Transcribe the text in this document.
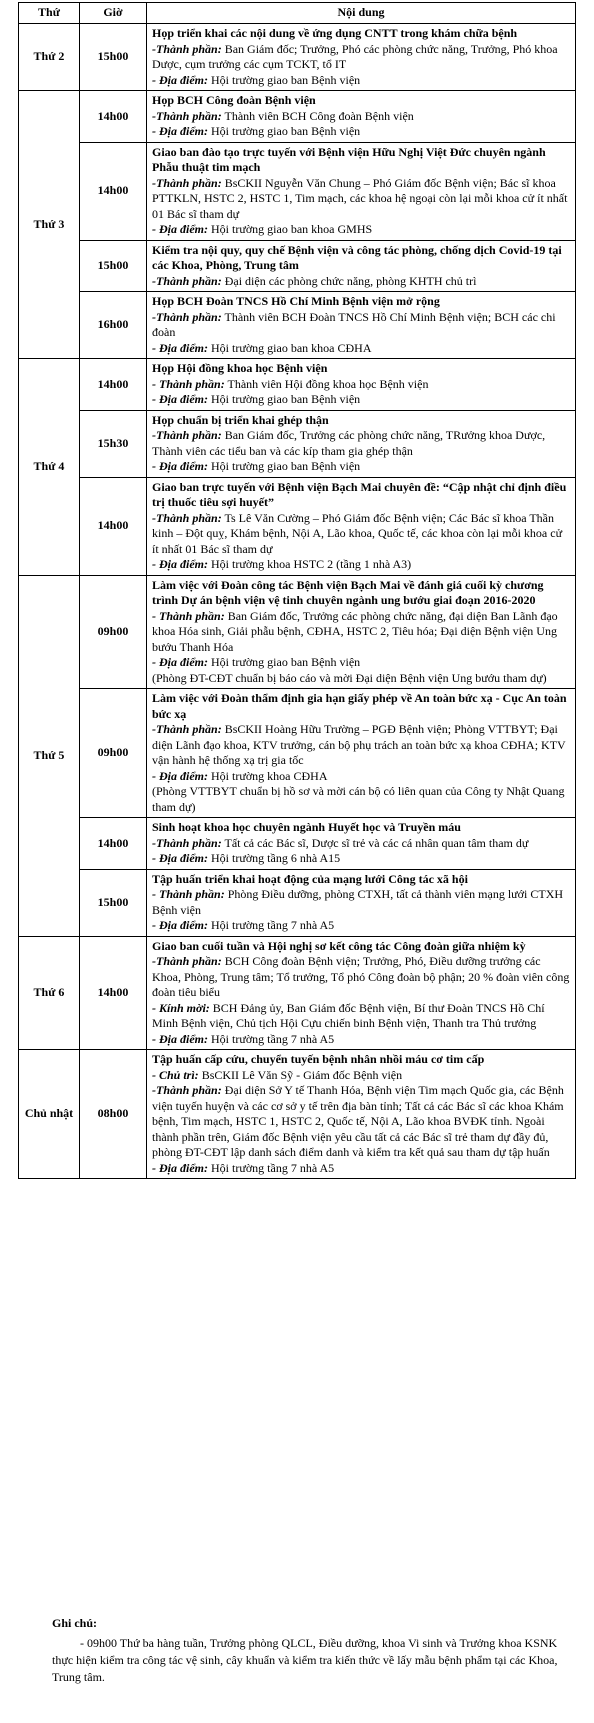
Thứ	Giờ	Nội dung
Thứ 2	15h00	Họp triển khai các nội dung về ứng dụng CNTT trong khám chữa bệnh
-Thành phần: Ban Giám đốc; Trưởng, Phó các phòng chức năng, Trưởng, Phó khoa Dược, cụm trưởng các cụm TCKT, tổ IT
- Địa điểm: Hội trường giao ban Bệnh viện

Thứ 3	14h00	Họp BCH Công đoàn Bệnh viện
-Thành phần: Thành viên BCH Công đoàn Bệnh viện
- Địa điểm: Hội trường giao ban Bệnh viện

	14h00	Giao ban đào tạo trực tuyến với Bệnh viện Hữu Nghị Việt Đức chuyên ngành Phẫu thuật tim mạch
-Thành phần: BsCKII Nguyễn Văn Chung – Phó Giám đốc Bệnh viện; Bác sĩ khoa PTTKLN, HSTC 2, HSTC 1, Tim mạch, các khoa hệ ngoại còn lại mỗi khoa cử ít nhất 01 Bác sĩ tham dự
- Địa điểm: Hội trường giao ban khoa GMHS

	15h00	Kiểm tra nội quy, quy chế Bệnh viện và công tác phòng, chống dịch Covid-19 tại các Khoa, Phòng, Trung tâm
-Thành phần: Đại diện các phòng chức năng, phòng KHTH chủ trì

	16h00	Họp BCH Đoàn TNCS Hồ Chí Minh Bệnh viện mở rộng
-Thành phần: Thành viên BCH Đoàn TNCS Hồ Chí Minh Bệnh viện; BCH các chi đoàn
- Địa điểm: Hội trường giao ban khoa CĐHA

Thứ 4	14h00	Họp Hội đồng khoa học Bệnh viện
- Thành phần: Thành viên Hội đồng khoa học Bệnh viện
- Địa điểm: Hội trường giao ban Bệnh viện

	15h30	Họp chuẩn bị triển khai ghép thận
-Thành phần: Ban Giám đốc, Trưởng các phòng chức năng, TRưởng khoa Dược, Thành viên các tiểu ban và các kíp tham gia ghép thận
- Địa điểm: Hội trường giao ban Bệnh viện

	14h00	Giao ban trực tuyến với Bệnh viện Bạch Mai chuyên đề: “Cập nhật chỉ định điều trị thuốc tiêu sợi huyết”
-Thành phần: Ts Lê Văn Cường – Phó Giám đốc Bệnh viện; Các Bác sĩ khoa Thần kinh – Đột quỵ, Khám bệnh, Nội A, Lão khoa, Quốc tế, các khoa còn lại mỗi khoa cử ít nhất 01 Bác sĩ tham dự
- Địa điểm: Hội trường khoa HSTC 2 (tầng 1 nhà A3)

Thứ 5	09h00	Làm việc với Đoàn công tác Bệnh viện Bạch Mai về đánh giá cuối kỳ chương trình Dự án bệnh viện vệ tinh chuyên ngành ung bướu giai đoạn 2016-2020
- Thành phần: Ban Giám đốc, Trưởng các phòng chức năng, đại diện Ban Lãnh đạo khoa Hóa sinh, Giải phẫu bệnh, CĐHA, HSTC 2, Tiêu hóa; Đại diện Bệnh viện Ung bướu Thanh Hóa
- Địa điểm: Hội trường giao ban Bệnh viện
(Phòng ĐT-CĐT chuẩn bị báo cáo và mời Đại diện Bệnh viện Ung bướu tham dự)

	09h00	Làm việc với Đoàn thẩm định gia hạn giấy phép về An toàn bức xạ - Cục An toàn bức xạ
-Thành phần: BsCKII Hoàng Hữu Trường – PGĐ Bệnh viện; Phòng VTTBYT; Đại diện Lãnh đạo khoa, KTV trưởng, cán bộ phụ trách an toàn bức xạ khoa CĐHA; KTV vận hành hệ thống xạ trị gia tốc
- Địa điểm: Hội trường khoa CĐHA
(Phòng VTTBYT chuẩn bị hồ sơ và mời cán bộ có liên quan của Công ty Nhật Quang tham dự)

	14h00	Sinh hoạt khoa học chuyên ngành Huyết học và Truyền máu
-Thành phần: Tất cả các Bác sĩ, Dược sĩ trẻ và các cá nhân quan tâm tham dự
- Địa điểm: Hội trường tầng 6 nhà A15

	15h00	Tập huấn triển khai hoạt động của mạng lưới Công tác xã hội
- Thành phần: Phòng Điều dưỡng, phòng CTXH, tất cả thành viên mạng lưới CTXH Bệnh viện
- Địa điểm: Hội trường tầng 7 nhà A5

Thứ 6	14h00	Giao ban cuối tuần và Hội nghị sơ kết công tác Công đoàn giữa nhiệm kỳ
-Thành phần: BCH Công đoàn Bệnh viện; Trưởng, Phó, Điều dưỡng trưởng các Khoa, Phòng, Trung tâm; Tổ trưởng, Tổ phó Công đoàn bộ phận; 20 % đoàn viên công đoàn tiêu biểu
- Kính mời: BCH Đảng ủy, Ban Giám đốc Bệnh viện, Bí thư Đoàn TNCS Hồ Chí Minh Bệnh viện, Chủ tịch Hội Cựu chiến binh Bệnh viện, Thanh tra Thủ trưởng
- Địa điểm: Hội trường tầng 7 nhà A5

Chủ nhật	08h00	Tập huấn cấp cứu, chuyển tuyến bệnh nhân nhồi máu cơ tim cấp
- Chủ trì: BsCKII Lê Văn Sỹ - Giám đốc Bệnh viện
-Thành phần: Đại diện Sở Y tế Thanh Hóa, Bệnh viện Tim mạch Quốc gia, các Bệnh viện tuyến huyện và các cơ sở y tế trên địa bàn tỉnh; Tất cả các Bác sĩ các khoa Khám bệnh, Tim mạch, HSTC 1, HSTC 2, Quốc tế, Nội A, Lão khoa BVĐK tỉnh. Ngoài thành phần trên, Giám đốc Bệnh viện yêu cầu tất cả các Bác sĩ trẻ tham dự đầy đủ, phòng ĐT-CĐT lập danh sách điểm danh và kiểm tra kết quả sau tham dự tập huấn
- Địa điểm: Hội trường tầng 7 nhà A5
Ghi chú:
- 09h00 Thứ ba hàng tuần, Trưởng phòng QLCL, Điều dưỡng, khoa Vi sinh và Trưởng khoa KSNK thực hiện kiểm tra công tác vệ sinh, cây khuẩn và kiểm tra kiến thức về lấy mẫu bệnh phẩm tại các Khoa, Trung tâm.
